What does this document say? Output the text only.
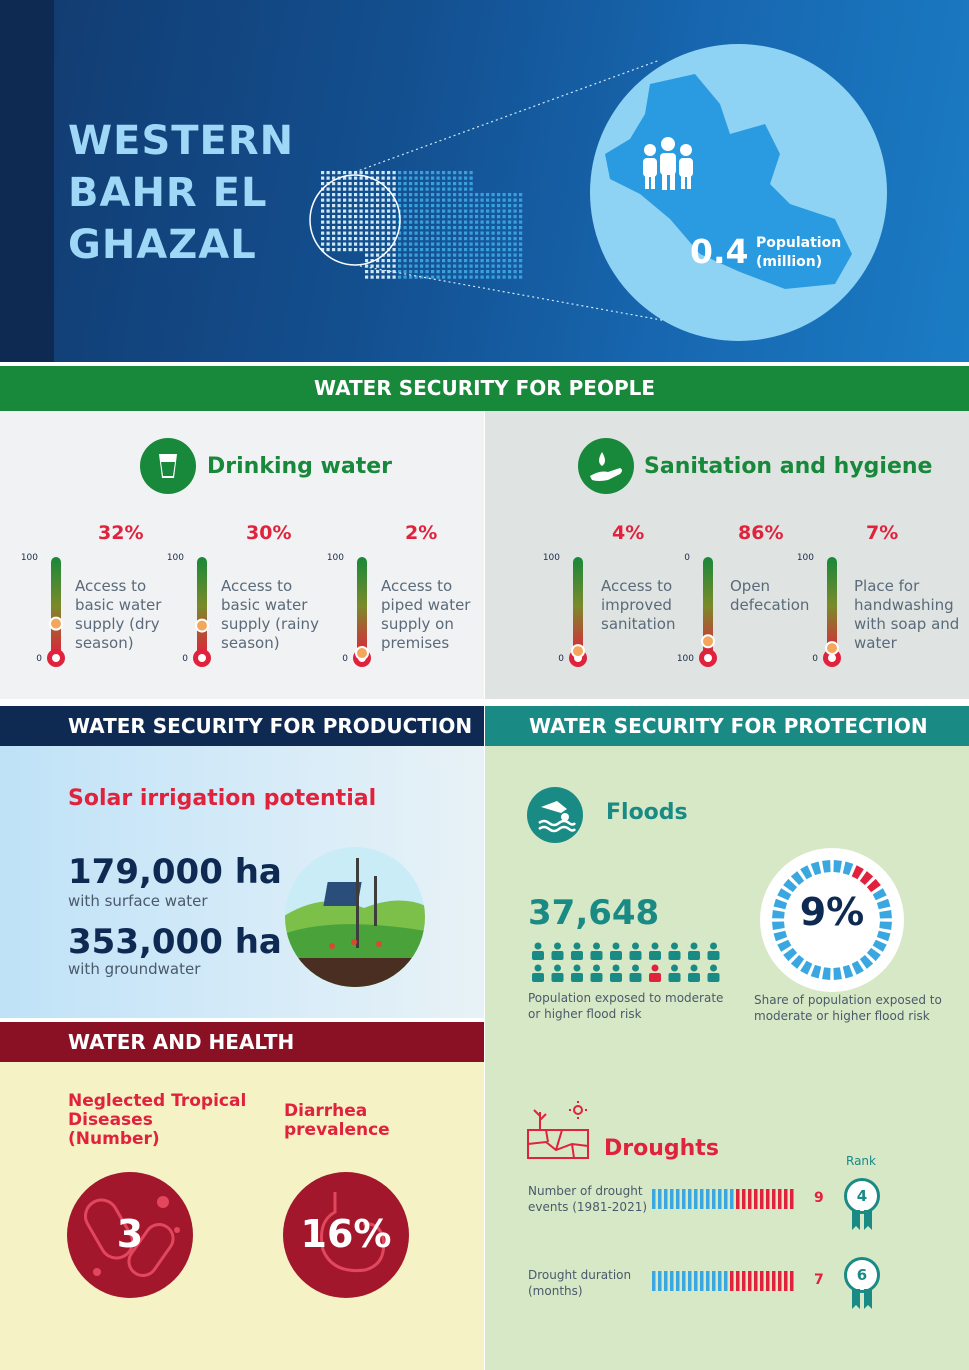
WESTERN
BAHR EL
GHAZAL	0.4 Population (million)
WATER SECURITY FOR PEOPLE
Drinking water	Sanitation and hygiene
32%	30%	2%	4%	86%	7%
100
0
100
0
100
0
100
0
0
100
100
0
Access to basic water supply (dry season)
Access to basic water supply (rainy season)
Access to piped water supply on premises
Access to improved sanitation
Open defecation
Place for handwashing with soap and water
WATER SECURITY FOR PRODUCTION
Solar irrigation potential
179,000 ha
with surface water
353,000 ha
with groundwater
WATER AND HEALTH
Neglected Tropical Diseases (Number)
Diarrhea prevalence
3	16%
WATER SECURITY FOR PROTECTION
Floods
37,648
Population exposed to moderate or higher flood risk
9%
Share of population exposed to moderate or higher flood risk
Droughts	Rank
Number of drought events (1981-2021)
9	4
Drought duration (months)
7	6
